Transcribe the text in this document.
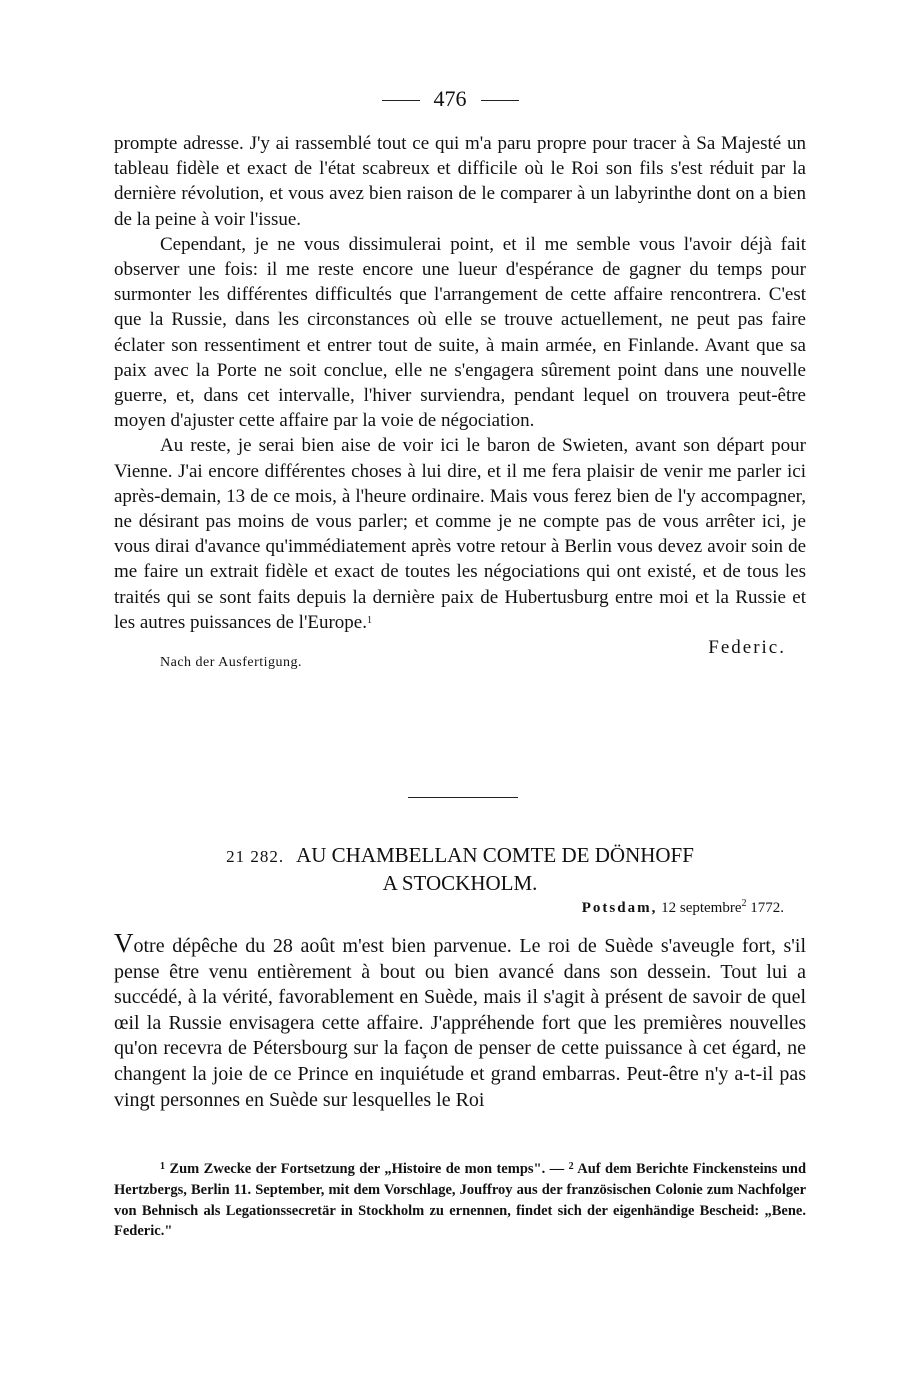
476

prompte adresse. J'y ai rassemblé tout ce qui m'a paru propre pour tracer à Sa Majesté un tableau fidèle et exact de l'état scabreux et difficile où le Roi son fils s'est réduit par la dernière révolution, et vous avez bien raison de le comparer à un labyrinthe dont on a bien de la peine à voir l'issue.

Cependant, je ne vous dissimulerai point, et il me semble vous l'avoir déjà fait observer une fois: il me reste encore une lueur d'espérance de gagner du temps pour surmonter les différentes difficultés que l'arrangement de cette affaire rencontrera. C'est que la Russie, dans les circonstances où elle se trouve actuellement, ne peut pas faire éclater son ressentiment et entrer tout de suite, à main armée, en Finlande. Avant que sa paix avec la Porte ne soit conclue, elle ne s'engagera sûrement point dans une nouvelle guerre, et, dans cet intervalle, l'hiver surviendra, pendant lequel on trouvera peut-être moyen d'ajuster cette affaire par la voie de négociation.

Au reste, je serai bien aise de voir ici le baron de Swieten, avant son départ pour Vienne. J'ai encore différentes choses à lui dire, et il me fera plaisir de venir me parler ici après-demain, 13 de ce mois, à l'heure ordinaire. Mais vous ferez bien de l'y accompagner, ne désirant pas moins de vous parler; et comme je ne compte pas de vous arrêter ici, je vous dirai d'avance qu'immédiatement après votre retour à Berlin vous devez avoir soin de me faire un extrait fidèle et exact de toutes les négociations qui ont existé, et de tous les traités qui se sont faits depuis la dernière paix de Hubertusburg entre moi et la Russie et les autres puissances de l'Europe.$^1$

Nach der Ausfertigung.
Federic.
21 282. AU CHAMBELLAN COMTE DE DÖNHOFF
A STOCKHOLM.
Potsdam, 12 septembre$^2$ 1772.

Votre dépêche du 28 août m'est bien parvenue. Le roi de Suède s'aveugle fort, s'il pense être venu entièrement à bout ou bien avancé dans son dessein. Tout lui a succédé, à la vérité, favorablement en Suède, mais il s'agit à présent de savoir de quel œil la Russie envisagera cette affaire. J'appréhende fort que les premières nouvelles qu'on recevra de Pétersbourg sur la façon de penser de cette puissance à cet égard, ne changent la joie de ce Prince en inquiétude et grand embarras. Peut-être n'y a-t-il pas vingt personnes en Suède sur lesquelles le Roi

$^1$ Zum Zwecke der Fortsetzung der „Histoire de mon temps". — $^2$ Auf dem Berichte Finckensteins und Hertzbergs, Berlin 11. September, mit dem Vorschlage, Jouffroy aus der französischen Colonie zum Nachfolger von Behnisch als Legationssecretär in Stockholm zu ernennen, findet sich der eigenhändige Bescheid: „Bene. Federic."
